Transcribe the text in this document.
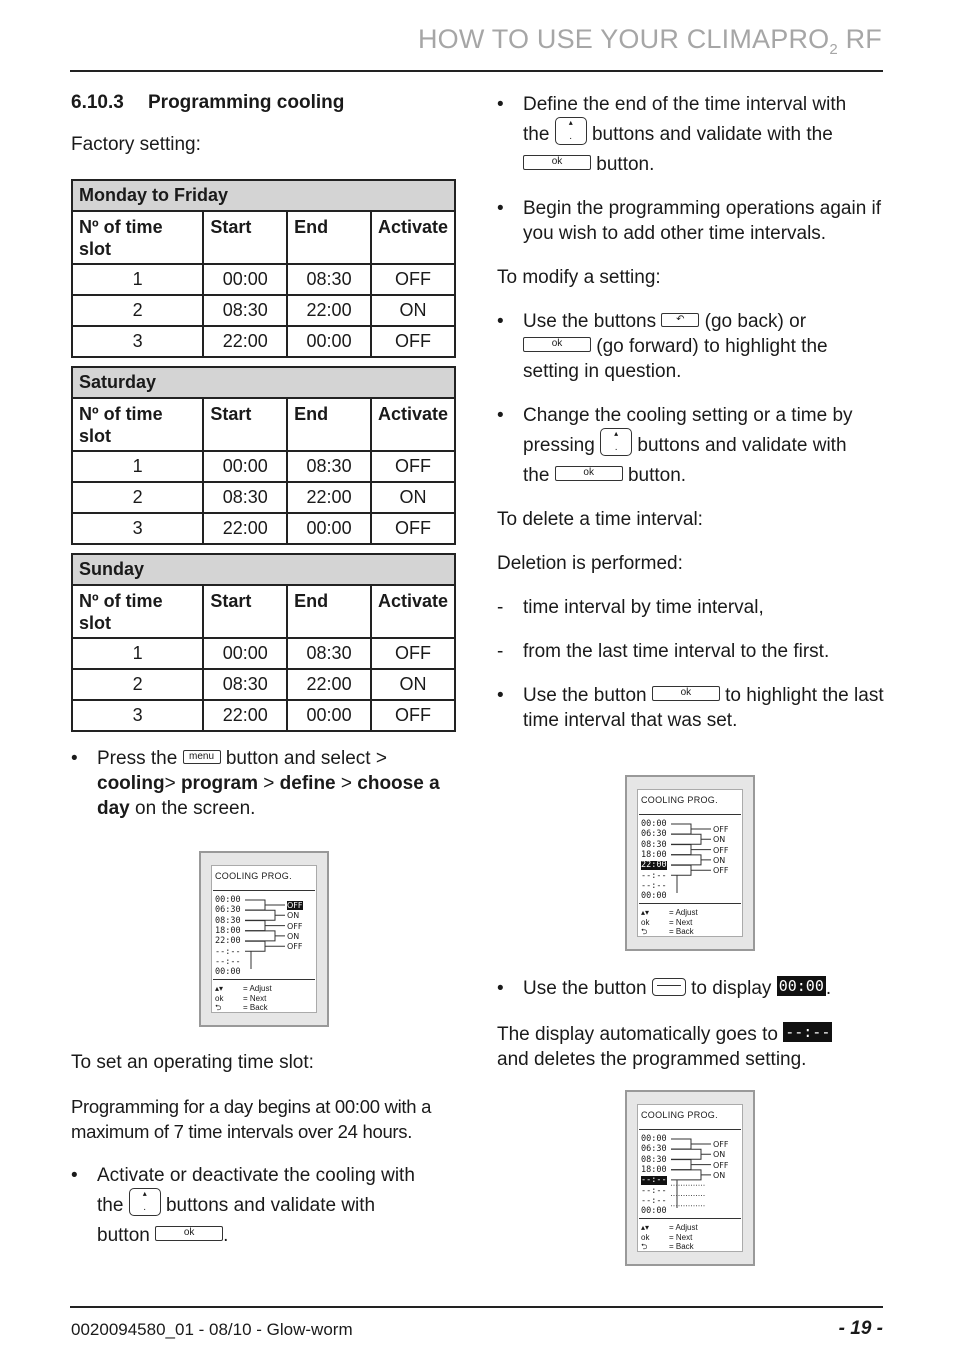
HOW TO USE YOUR $CLIMAPRO_2$ RF
6.10.3	Programming cooling

Factory setting:

Monday to Friday			
Nº of time slot	Start	End	Activate
1	00:00	08:30	OFF
2	08:30	22:00	ON
3	22:00	00:00	OFF
Saturday			
Nº of time slot	Start	End	Activate
1	00:00	08:30	OFF
2	08:30	22:00	ON
3	22:00	00:00	OFF
Sunday			
Nº of time slot	Start	End	Activate
1	00:00	08:30	OFF
2	08:30	22:00	ON
3	22:00	00:00	OFF
•	Press the menu button and select >
cooling> program > define > choose a day on the screen.
COOLING PROG.
00:00
06:30
08:30
18:00
22:00
--:--
--:--
00:00
OFF
ON
OFF
ON
OFF
▴▾ = Adjust
ok = Next
⮌	= Back

To set an operating time slot:

Programming for a day begins at 00:00 with a maximum of 7 time intervals over 24 hours.

•	Activate or deactivate the cooling with
the ▴ · buttons and validate with
button	ok .
•	Define the end of the time interval with
the ▴ · buttons and validate with the
ok button.
•	Begin the programming operations again if you wish to add other time intervals.

To modify a setting:

•	Use the buttons ↶ (go back) or
ok (go forward) to highlight the setting in question.
•	Change the cooling setting or a time by
pressing ▴ · buttons and validate with
the	ok button.

To delete a time interval:

Deletion is performed:

-	time interval by time interval,
-	from the last time interval to the first.
•	Use the button	ok to highlight the last time interval that was set.
COOLING PROG.
00:00
06:30
08:30
18:00
22:00
--:--
--:--
00:00
OFF
ON
OFF
ON
OFF
▴▾ = Adjust
ok = Next
⮌	= Back
•	Use the button  to display 00:00 .

The display automatically goes to --:--
and deletes the programmed setting.

COOLING PROG.
00:00
06:30
08:30
18:00
--:--
--:--
--:--
00:00
OFF
ON
OFF
ON
▴▾ = Adjust
ok = Next
⮌	= Back
0020094580_01 - 08/10 - Glow-worm	- 19 -
